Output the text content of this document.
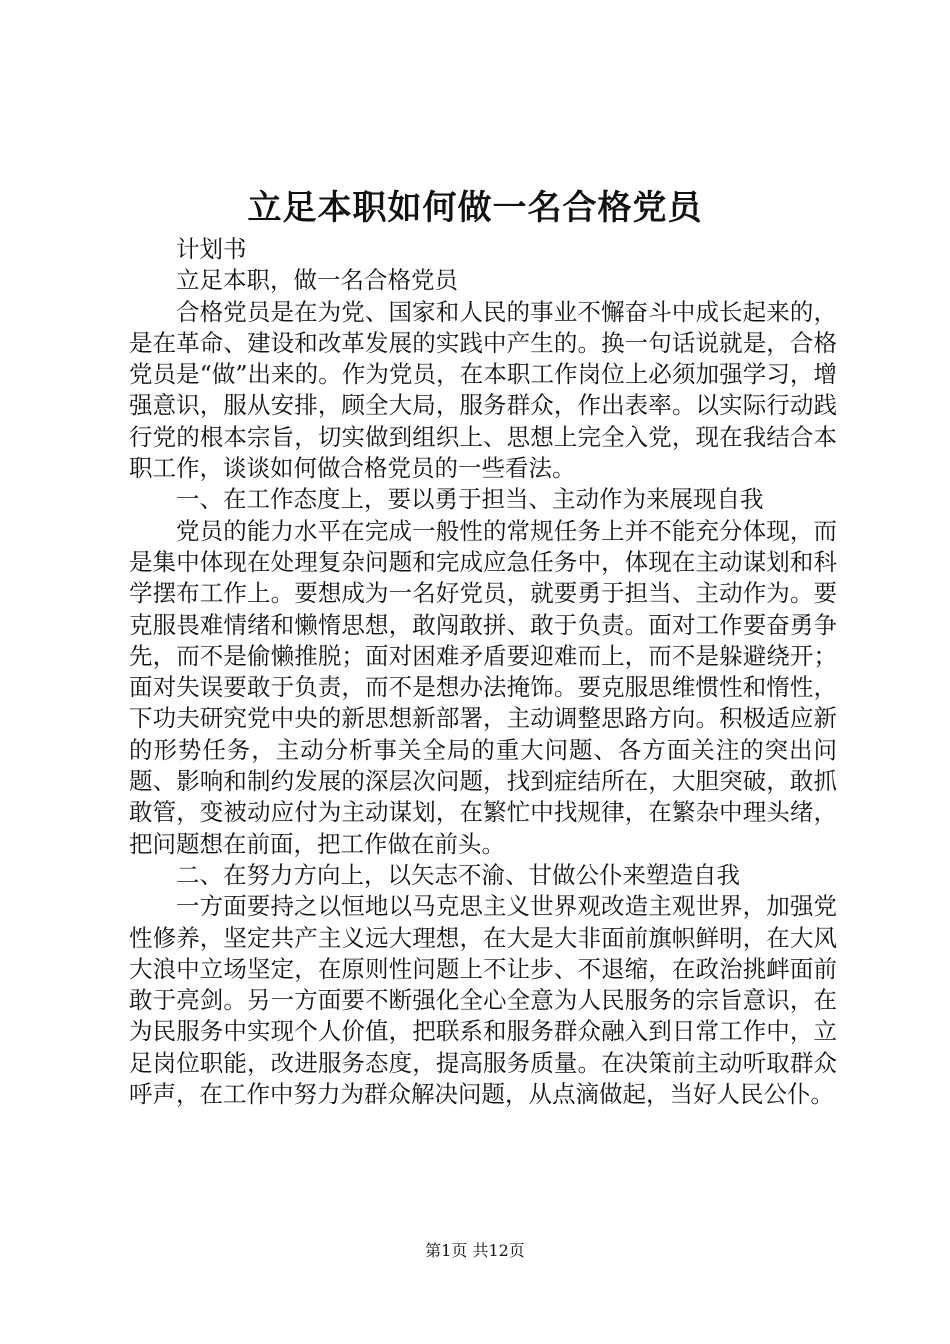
立足本职如何做一名合格党员

计划书

立足本职，做一名合格党员

合格党员是在为党、国家和人民的事业不懈奋斗中成长起来的，是在革命、建设和改革发展的实践中产生的。换一句话说就是，合格党员是“做”出来的。作为党员，在本职工作岗位上必须加强学习，增强意识，服从安排，顾全大局，服务群众，作出表率。以实际行动践行党的根本宗旨，切实做到组织上、思想上完全入党，现在我结合本职工作，谈谈如何做合格党员的一些看法。

一、在工作态度上，要以勇于担当、主动作为来展现自我

党员的能力水平在完成一般性的常规任务上并不能充分体现，而是集中体现在处理复杂问题和完成应急任务中，体现在主动谋划和科学摆布工作上。要想成为一名好党员，就要勇于担当、主动作为。要克服畏难情绪和懒惰思想，敢闯敢拼、敢于负责。面对工作要奋勇争先，而不是偷懒推脱；面对困难矛盾要迎难而上，而不是躲避绕开；面对失误要敢于负责，而不是想办法掩饰。要克服思维惯性和惰性，下功夫研究党中央的新思想新部署，主动调整思路方向。积极适应新的形势任务，主动分析事关全局的重大问题、各方面关注的突出问题、影响和制约发展的深层次问题，找到症结所在，大胆突破，敢抓敢管，变被动应付为主动谋划，在繁忙中找规律，在繁杂中理头绪，把问题想在前面，把工作做在前头。

二、在努力方向上，以矢志不渝、甘做公仆来塑造自我

一方面要持之以恒地以马克思主义世界观改造主观世界，加强党性修养，坚定共产主义远大理想，在大是大非面前旗帜鲜明，在大风大浪中立场坚定，在原则性问题上不让步、不退缩，在政治挑衅面前敢于亮剑。另一方面要不断强化全心全意为人民服务的宗旨意识，在为民服务中实现个人价值，把联系和服务群众融入到日常工作中，立足岗位职能，改进服务态度，提高服务质量。在决策前主动听取群众呼声，在工作中努力为群众解决问题，从点滴做起，当好人民公仆。

第1页 共12页
